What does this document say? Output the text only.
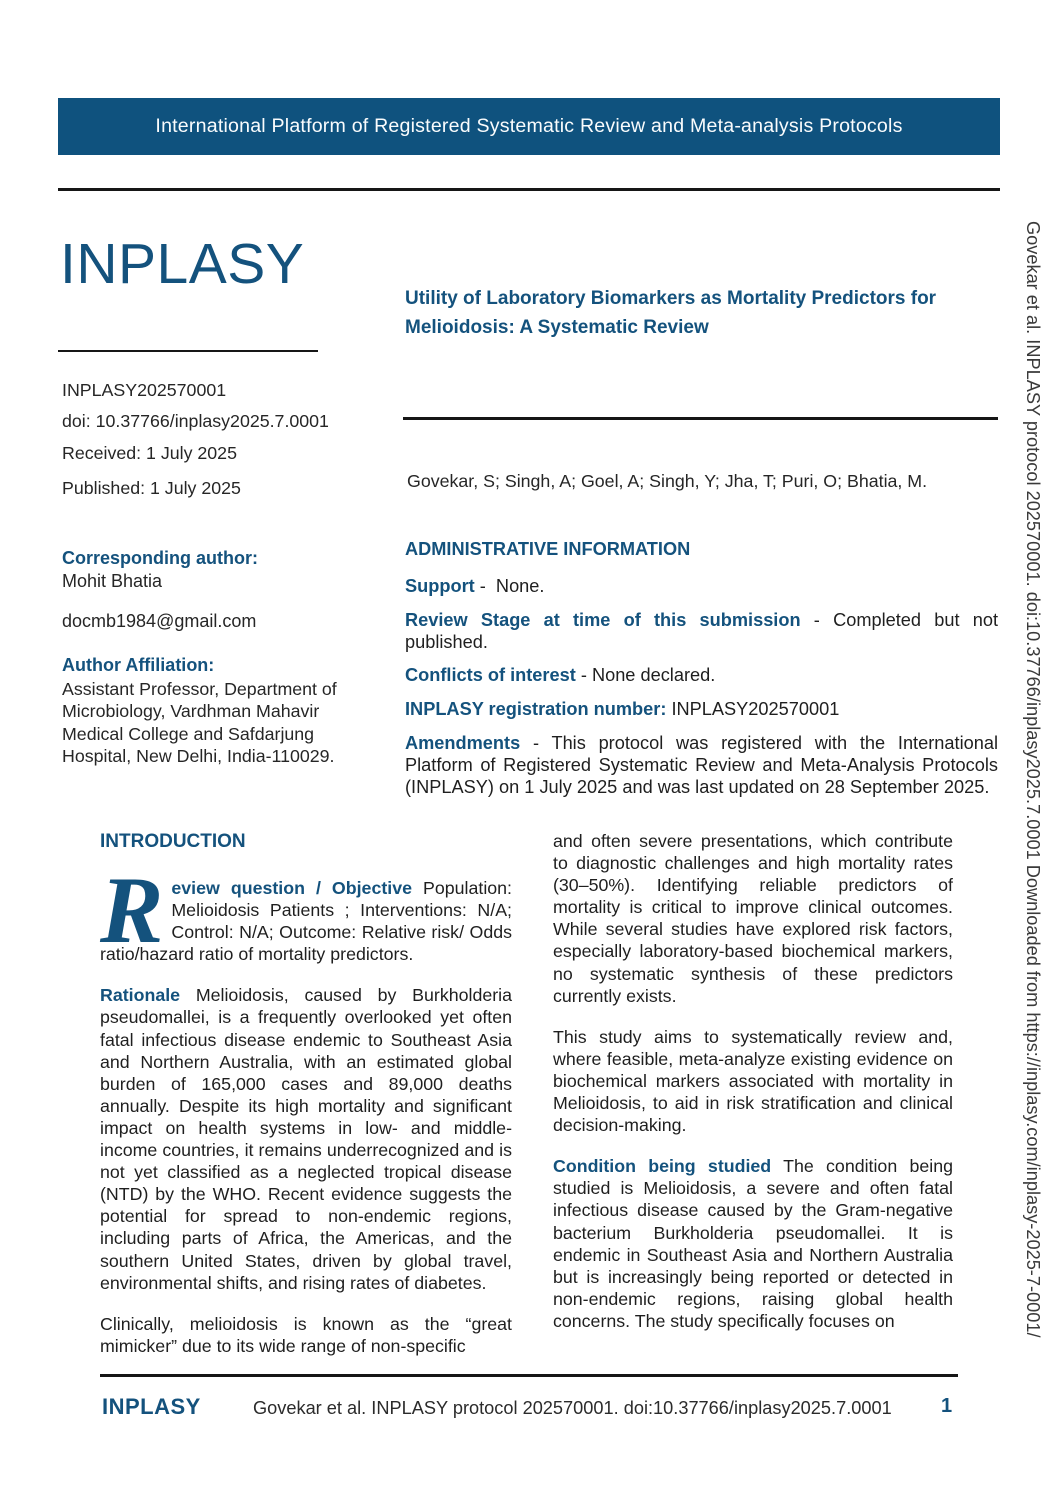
International Platform of Registered Systematic Review and Meta-analysis Protocols
INPLASY
INPLASY202570001
doi: 10.37766/inplasy2025.7.0001
Received: 1 July 2025
Published: 1 July 2025
Corresponding author:
Mohit Bhatia
docmb1984@gmail.com
Author Affiliation:
Assistant Professor, Department of Microbiology, Vardhman Mahavir Medical College and Safdarjung Hospital, New Delhi, India-110029.
Utility of Laboratory Biomarkers as Mortality Predictors for Melioidosis: A Systematic Review
Govekar, S; Singh, A; Goel, A; Singh, Y; Jha, T; Puri, O; Bhatia, M.
ADMINISTRATIVE INFORMATION
Support -  None.
Review Stage at time of this submission - Completed but not published.
Conflicts of interest - None declared.
INPLASY registration number: INPLASY202570001
Amendments - This protocol was registered with the International Platform of Registered Systematic Review and Meta-Analysis Protocols (INPLASY) on 1 July 2025 and was last updated on 28 September 2025.
INTRODUCTION

Review question / Objective Population: Melioidosis Patients ; Interventions: N/A; Control: N/A; Outcome: Relative risk/ Odds ratio/hazard ratio of mortality predictors.

Rationale Melioidosis, caused by Burkholderia pseudomallei, is a frequently overlooked yet often fatal infectious disease endemic to Southeast Asia and Northern Australia, with an estimated global burden of 165,000 cases and 89,000 deaths annually. Despite its high mortality and significant impact on health systems in low- and middle-income countries, it remains underrecognized and is not yet classified as a neglected tropical disease (NTD) by the WHO. Recent evidence suggests the potential for spread to non-endemic regions, including parts of Africa, the Americas, and the southern United States, driven by global travel, environmental shifts, and rising rates of diabetes.

Clinically, melioidosis is known as the “great mimicker” due to its wide range of non-specific

and often severe presentations, which contribute to diagnostic challenges and high mortality rates (30–50%). Identifying reliable predictors of mortality is critical to improve clinical outcomes. While several studies have explored risk factors, especially laboratory-based biochemical markers, no systematic synthesis of these predictors currently exists.

This study aims to systematically review and, where feasible, meta-analyze existing evidence on biochemical markers associated with mortality in Melioidosis, to aid in risk stratification and clinical decision-making.

Condition being studied The condition being studied is Melioidosis, a severe and often fatal infectious disease caused by the Gram-negative bacterium Burkholderia pseudomallei. It is endemic in Southeast Asia and Northern Australia but is increasingly being reported or detected in non-endemic regions, raising global health concerns. The study specifically focuses on	Govekar et al. INPLASY protocol 202570001. doi:10.37766/inplasy2025.7.0001 Downloaded from https://inplasy.com/inplasy-2025-7-0001/
INPLASY	Govekar et al. INPLASY protocol 202570001. doi:10.37766/inplasy2025.7.0001 1
